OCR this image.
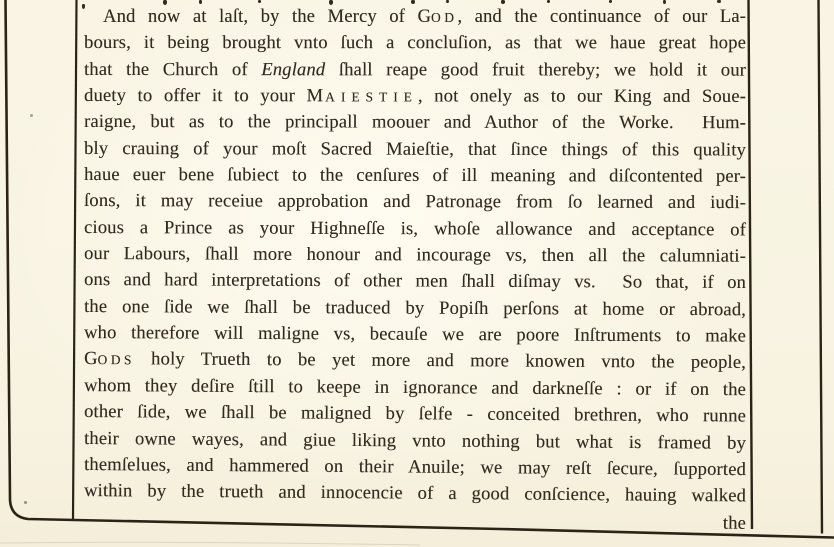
And now at laſt, by the Mercy of GOD, and the continuance of our La-
bours, it being brought vnto ſuch a concluſion, as that we haue great hope
that the Church of England ſhall reape good fruit thereby; we hold it our
duety to offer it to your M AIESTIE, not onely as to our King and Soue-
raigne, but as to the principall moouer and Author of the Worke.  Hum-
bly crauing of your moſt Sacred Maieſtie, that ſince things of this quality
haue euer bene ſubiect to the cenſures of ill meaning and diſcontented per-
ſons, it may receiue approbation and Patronage from ſo learned and iudi-
cious a Prince as your Highneſſe is, whoſe allowance and acceptance of
our Labours, ſhall more honour and incourage vs, then all the calumniati-
ons and hard interpretations of other men ſhall diſmay vs.  So that, if on
the one ſide we ſhall be traduced by Popiſh perſons at home or abroad,
who therefore will maligne vs, becauſe we are poore Inſtruments to make
GODS holy Trueth to be yet more and more knowen vnto the people,
whom they deſire ſtill to keepe in ignorance and darkneſſe : or if on the
other ſide, we ſhall be maligned by ſelfe - conceited brethren, who runne
their owne wayes, and giue liking vnto nothing but what is framed by
themſelues, and hammered on their Anuile; we may reſt ſecure, ſupported
within by the trueth and innocencie of a good conſcience, hauing walked
the
